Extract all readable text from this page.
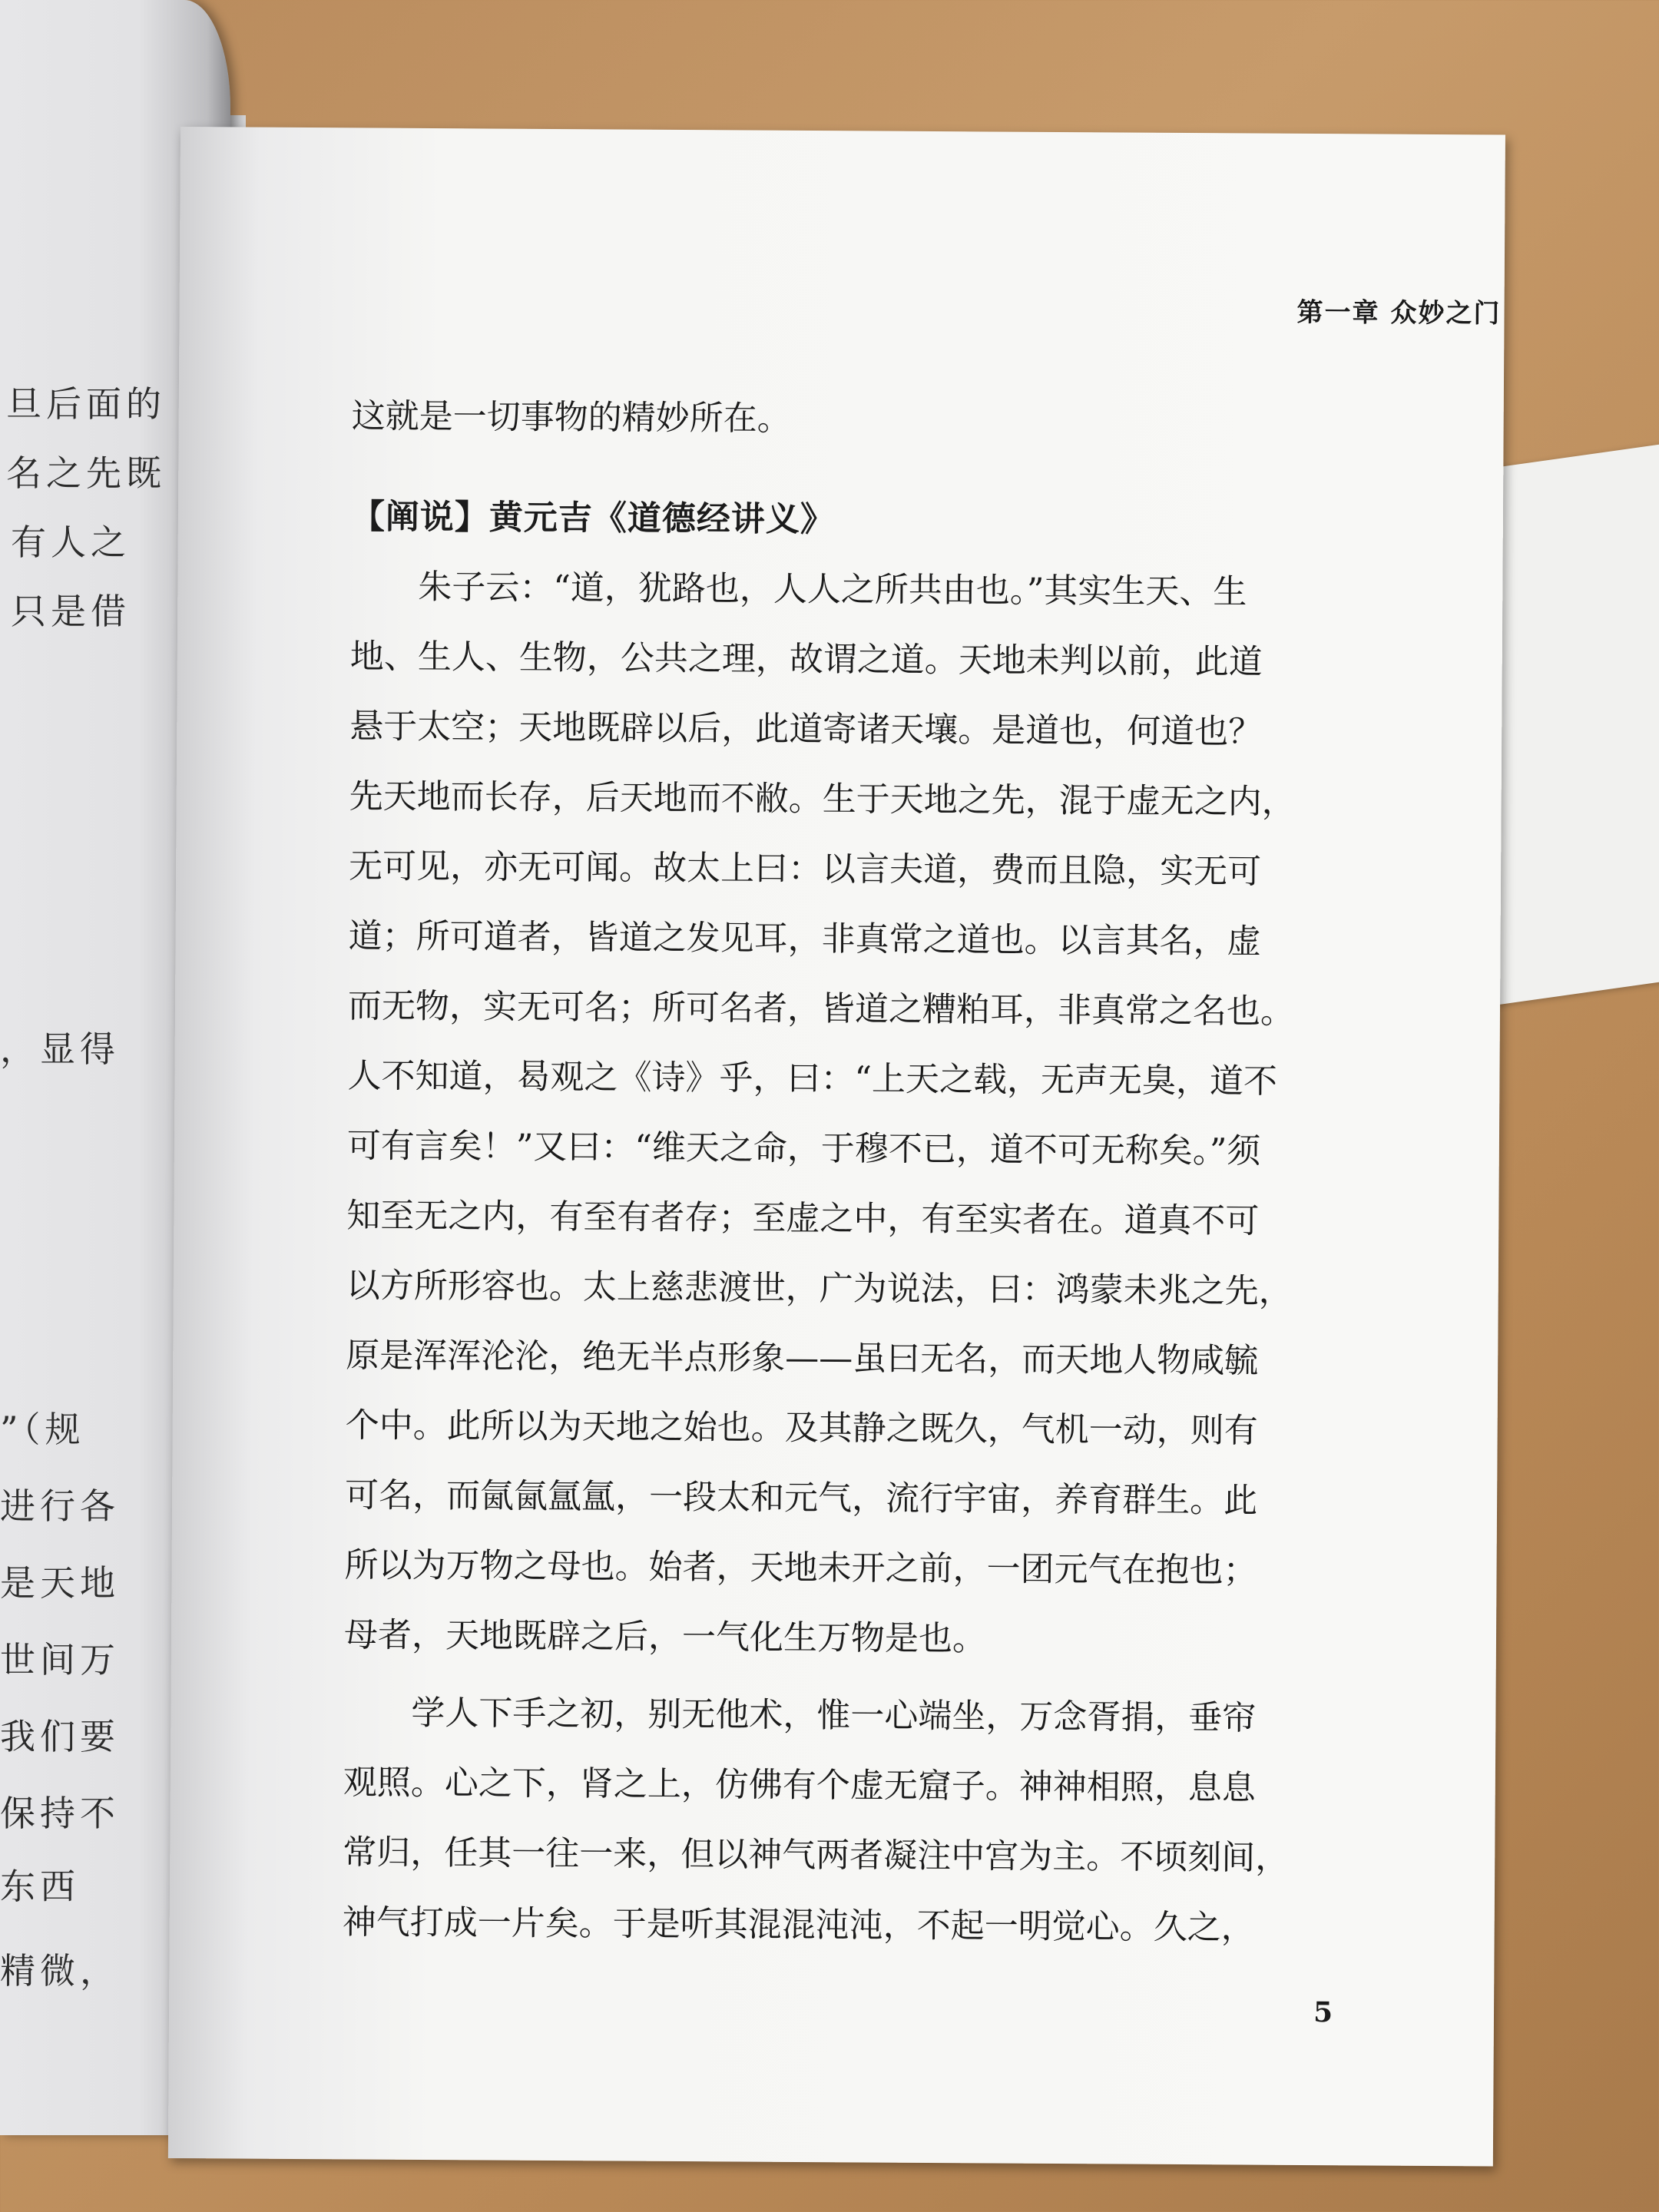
旦后面的
名之先既
有人之
只是借
，显得
”（规
进行各
是天地
世间万
我们要
保持不
东西
精微，
第一章 众妙之门

这就是一切事物的精妙所在。

【阐说】黄元吉《道德经讲义》

朱子云：“道，犹路也，人人之所共由也。”其实生天、生

地、生人、生物，公共之理，故谓之道。天地未判以前，此道

悬于太空；天地既辟以后，此道寄诸天壤。是道也，何道也？

先天地而长存，后天地而不敝。生于天地之先，混于虚无之内，

无可见，亦无可闻。故太上曰：以言夫道，费而且隐，实无可

道；所可道者，皆道之发见耳，非真常之道也。以言其名，虚

而无物，实无可名；所可名者，皆道之糟粕耳，非真常之名也。

人不知道，曷观之《诗》乎，曰：“上天之载，无声无臭，道不

可有言矣！”又曰：“维天之命，于穆不已，道不可无称矣。”须

知至无之内，有至有者存；至虚之中，有至实者在。道真不可

以方所形容也。太上慈悲渡世，广为说法，曰：鸿蒙未兆之先，

原是浑浑沦沦，绝无半点形象——虽曰无名，而天地人物咸毓

个中。此所以为天地之始也。及其静之既久，气机一动，则有

可名，而氤氤氲氲，一段太和元气，流行宇宙，养育群生。此

所以为万物之母也。始者，天地未开之前，一团元气在抱也；

母者，天地既辟之后，一气化生万物是也。

学人下手之初，别无他术，惟一心端坐，万念胥捐，垂帘

观照。心之下，肾之上，仿佛有个虚无窟子。神神相照，息息

常归，任其一往一来，但以神气两者凝注中宫为主。不顷刻间，

神气打成一片矣。于是听其混混沌沌，不起一明觉心。久之，

5
